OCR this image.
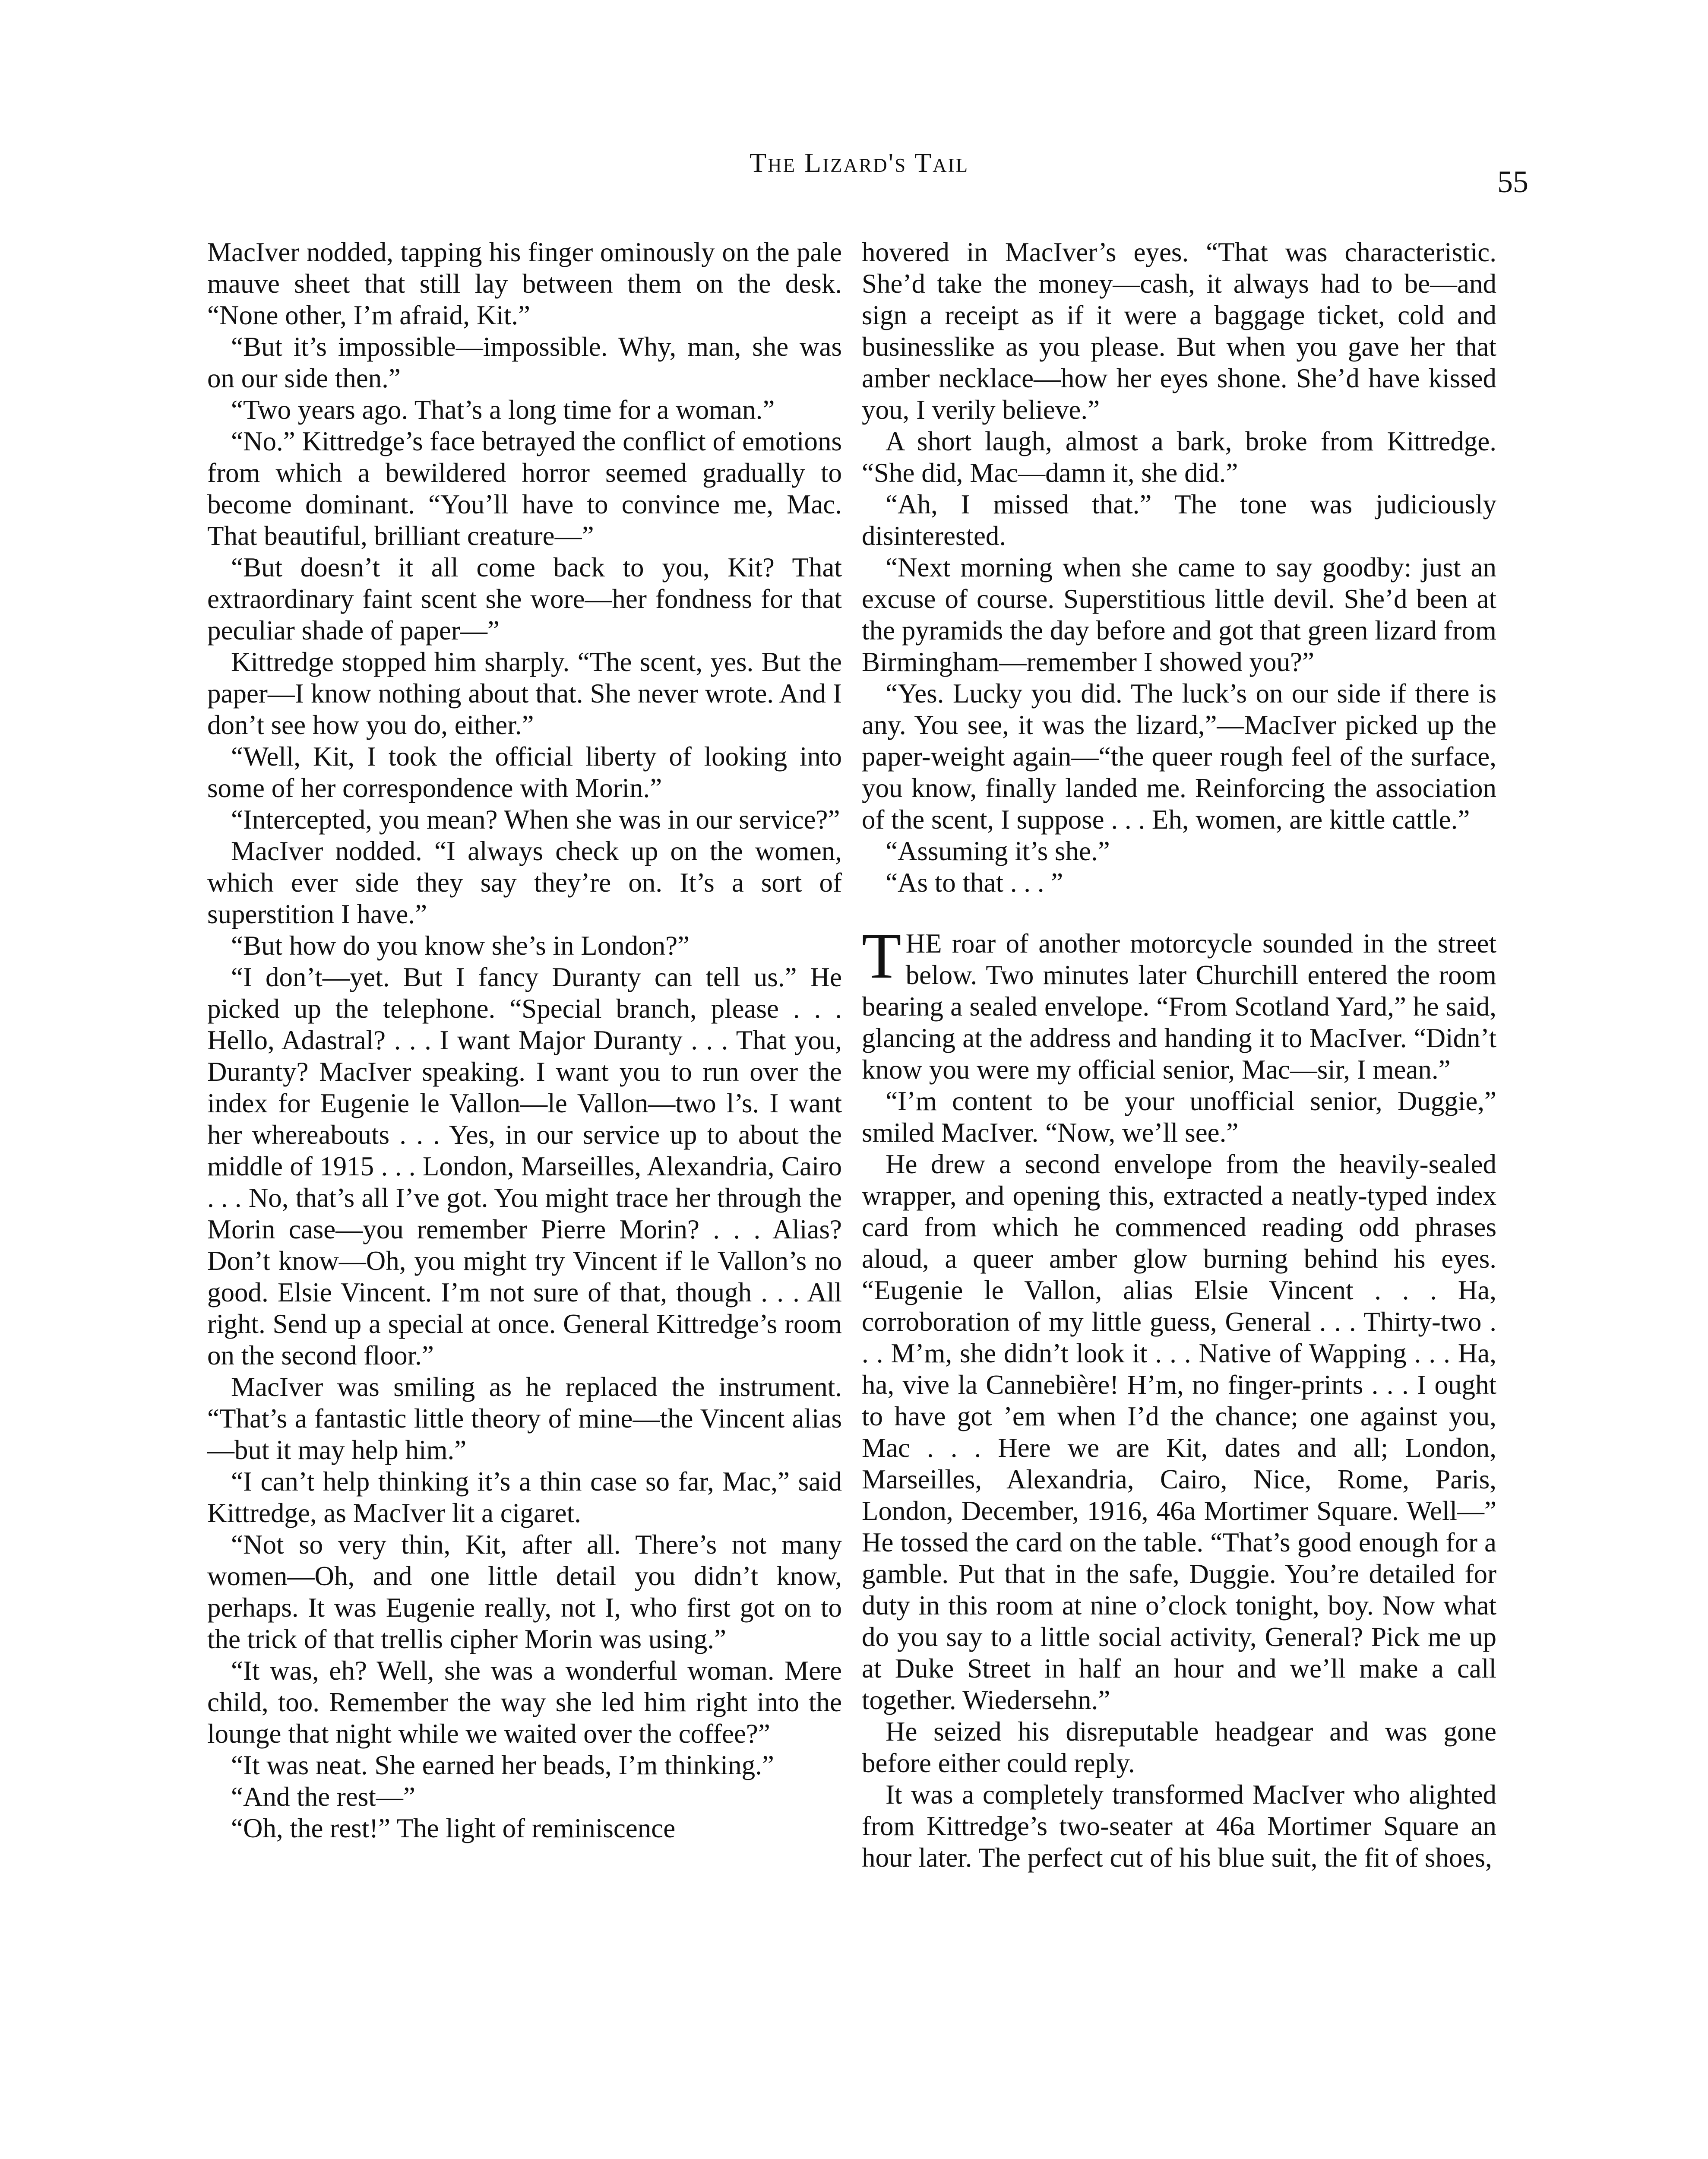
The Lizard's Tail
55

MacIver nodded, tapping his finger ominously on the pale mauve sheet that still lay between them on the desk. “None other, I’m afraid, Kit.”

“But it’s impossible—impossible. Why, man, she was on our side then.”

“Two years ago. That’s a long time for a woman.”

“No.” Kittredge’s face betrayed the conflict of emotions from which a bewildered horror seemed gradually to become dominant. “You’ll have to convince me, Mac. That beautiful, brilliant creature—”

“But doesn’t it all come back to you, Kit? That extraordinary faint scent she wore—her fondness for that peculiar shade of paper—”

Kittredge stopped him sharply. “The scent, yes. But the paper—I know nothing about that. She never wrote. And I don’t see how you do, either.”

“Well, Kit, I took the official liberty of looking into some of her correspondence with Morin.”

“Intercepted, you mean? When she was in our service?”

MacIver nodded. “I always check up on the women, which ever side they say they’re on. It’s a sort of superstition I have.”

“But how do you know she’s in London?”

“I don’t—yet. But I fancy Duranty can tell us.” He picked up the telephone. “Special branch, please . . . Hello, Adastral? . . . I want Major Duranty . . . That you, Duranty? MacIver speaking. I want you to run over the index for Eugenie le Vallon—le Vallon—two l’s. I want her whereabouts . . . Yes, in our service up to about the middle of 1915 . . . London, Marseilles, Alexandria, Cairo . . . No, that’s all I’ve got. You might trace her through the Morin case—you remember Pierre Morin? . . . Alias? Don’t know—Oh, you might try Vincent if le Vallon’s no good. Elsie Vincent. I’m not sure of that, though . . . All right. Send up a special at once. General Kittredge’s room on the second floor.”

MacIver was smiling as he replaced the instrument. “That’s a fantastic little theory of mine—the Vincent alias—but it may help him.”

“I can’t help thinking it’s a thin case so far, Mac,” said Kittredge, as MacIver lit a cigaret.

“Not so very thin, Kit, after all. There’s not many women—Oh, and one little detail you didn’t know, perhaps. It was Eugenie really, not I, who first got on to the trick of that trellis cipher Morin was using.”

“It was, eh? Well, she was a wonderful woman. Mere child, too. Remember the way she led him right into the lounge that night while we waited over the coffee?”

“It was neat. She earned her beads, I’m thinking.”

“And the rest—”

“Oh, the rest!” The light of reminiscence

hovered in MacIver’s eyes. “That was characteristic. She’d take the money—cash, it always had to be—and sign a receipt as if it were a baggage ticket, cold and businesslike as you please. But when you gave her that amber necklace—how her eyes shone. She’d have kissed you, I verily believe.”

A short laugh, almost a bark, broke from Kittredge. “She did, Mac—damn it, she did.”

“Ah, I missed that.” The tone was judiciously disinterested.

“Next morning when she came to say goodby: just an excuse of course. Superstitious little devil. She’d been at the pyramids the day before and got that green lizard from Birmingham—remember I showed you?”

“Yes. Lucky you did. The luck’s on our side if there is any. You see, it was the lizard,”—MacIver picked up the paper-weight again—“the queer rough feel of the surface, you know, finally landed me. Reinforcing the association of the scent, I suppose . . . Eh, women, are kittle cattle.”

“Assuming it’s she.”

“As to that . . . ”

THE roar of another motorcycle sounded in the street below. Two minutes later Churchill entered the room bearing a sealed envelope. “From Scotland Yard,” he said, glancing at the address and handing it to MacIver. “Didn’t know you were my official senior, Mac—sir, I mean.”

“I’m content to be your unofficial senior, Duggie,” smiled MacIver. “Now, we’ll see.”

He drew a second envelope from the heavily-sealed wrapper, and opening this, extracted a neatly-typed index card from which he commenced reading odd phrases aloud, a queer amber glow burning behind his eyes. “Eugenie le Vallon, alias Elsie Vincent . . . Ha, corroboration of my little guess, General . . . Thirty-two . . . M’m, she didn’t look it . . . Native of Wapping . . . Ha, ha, vive la Cannebière! H’m, no finger-prints . . . I ought to have got ’em when I’d the chance; one against you, Mac . . . Here we are Kit, dates and all; London, Marseilles, Alexandria, Cairo, Nice, Rome, Paris, London, December, 1916, 46a Mortimer Square. Well—” He tossed the card on the table. “That’s good enough for a gamble. Put that in the safe, Duggie. You’re detailed for duty in this room at nine o’clock tonight, boy. Now what do you say to a little social activity, General? Pick me up at Duke Street in half an hour and we’ll make a call together. Wiedersehn.”

He seized his disreputable headgear and was gone before either could reply.

It was a completely transformed MacIver who alighted from Kittredge’s two-seater at 46a Mortimer Square an hour later. The perfect cut of his blue suit, the fit of shoes,
